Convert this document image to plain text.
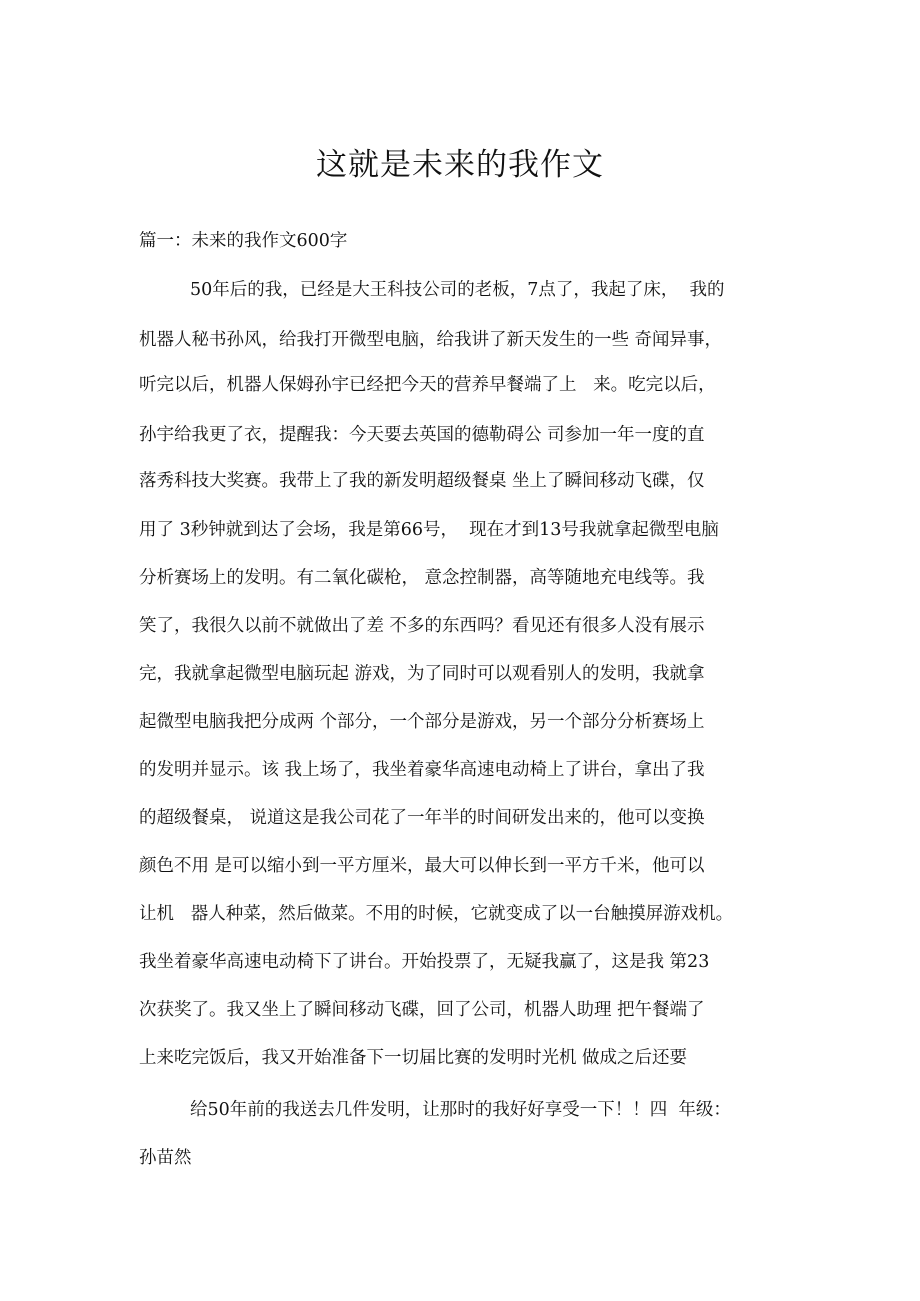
这就是未来的我作文

篇一：未来的我作文600字

50年后的我，已经是大王科技公司的老板，7点了，我起了床，  我的

机器人秘书孙风，给我打开微型电脑，给我讲了新天发生的一些 奇闻异事，

听完以后，机器人保姆孙宇已经把今天的营养早餐端了上   来。吃完以后，

孙宇给我更了衣，提醒我：今天要去英国的德勒碍公 司参加一年一度的直

落秀科技大奖赛。我带上了我的新发明超级餐桌 坐上了瞬间移动飞碟，仅

用了 3秒钟就到达了会场，我是第66号，  现在才到13号我就拿起微型电脑

分析赛场上的发明。有二氧化碳枪， 意念控制器，高等随地充电线等。我

笑了，我很久以前不就做出了差 不多的东西吗？看见还有很多人没有展示

完，我就拿起微型电脑玩起 游戏，为了同时可以观看别人的发明，我就拿

起微型电脑我把分成两 个部分，一个部分是游戏，另一个部分分析赛场上

的发明并显示。该 我上场了，我坐着豪华高速电动椅上了讲台，拿出了我

的超级餐桌， 说道这是我公司花了一年半的时间研发出来的，他可以变换

颜色不用 是可以缩小到一平方厘米，最大可以伸长到一平方千米，他可以

让机   器人种菜，然后做菜。不用的时候，它就变成了以一台触摸屏游戏机。

我坐着豪华高速电动椅下了讲台。开始投票了，无疑我赢了，这是我 第23

次获奖了。我又坐上了瞬间移动飞碟，回了公司，机器人助理 把午餐端了

上来吃完饭后，我又开始准备下一切届比赛的发明时光机 做成之后还要

给50年前的我送去几件发明，让那时的我好好享受一下！！四  年级：

孙苗然
